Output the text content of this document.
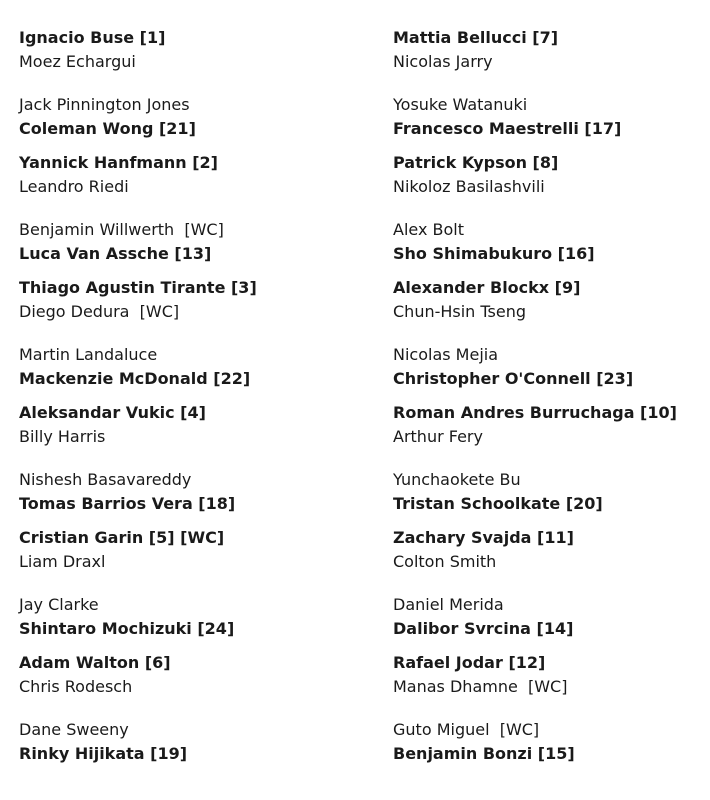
Ignacio Buse [1]
Moez Echargui
Jack Pinnington Jones
Coleman Wong [21]
Yannick Hanfmann [2]
Leandro Riedi
Benjamin Willwerth  [WC]
Luca Van Assche [13]
Thiago Agustin Tirante [3]
Diego Dedura  [WC]
Martin Landaluce
Mackenzie McDonald [22]
Aleksandar Vukic [4]
Billy Harris
Nishesh Basavareddy
Tomas Barrios Vera [18]
Cristian Garin [5] [WC]
Liam Draxl
Jay Clarke
Shintaro Mochizuki [24]
Adam Walton [6]
Chris Rodesch
Dane Sweeny
Rinky Hijikata [19]
Mattia Bellucci [7]
Nicolas Jarry
Yosuke Watanuki
Francesco Maestrelli [17]
Patrick Kypson [8]
Nikoloz Basilashvili
Alex Bolt
Sho Shimabukuro [16]
Alexander Blockx [9]
Chun-Hsin Tseng
Nicolas Mejia
Christopher O'Connell [23]
Roman Andres Burruchaga [10]
Arthur Fery
Yunchaokete Bu
Tristan Schoolkate [20]
Zachary Svajda [11]
Colton Smith
Daniel Merida
Dalibor Svrcina [14]
Rafael Jodar [12]
Manas Dhamne  [WC]
Guto Miguel  [WC]
Benjamin Bonzi [15]
